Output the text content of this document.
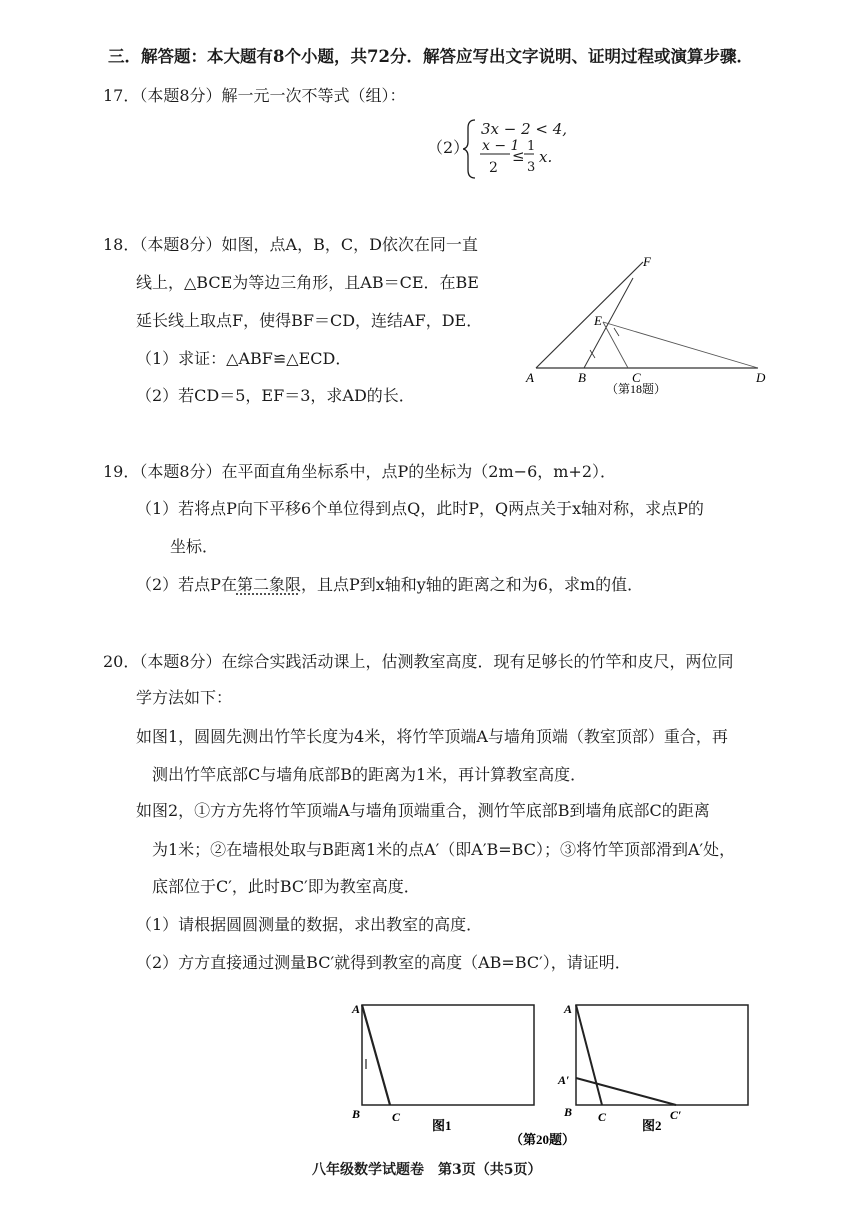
三．解答题：本大题有8个小题，共72分．解答应写出文字说明、证明过程或演算步骤．
17．（本题8分）解一元一次不等式（组）：
（2）
3x − 2 < 4,
x − 1
2
≤
1
3
x.
18．（本题8分）如图，点A，B，C，D依次在同一直
线上，△BCE为等边三角形，且AB＝CE．在BE
延长线上取点F，使得BF＝CD，连结AF，DE．
（1）求证：△ABF≌△ECD．
（2）若CD＝5，EF＝3，求AD的长．
F
E
A	B	C	D
（第18题）
19．（本题8分）在平面直角坐标系中，点P的坐标为（2m−6，m+2）．
（1）若将点P向下平移6个单位得到点Q，此时P，Q两点关于x轴对称，求点P的
坐标．
（2）若点P在第二象限，且点P到x轴和y轴的距离之和为6，求m的值．
20．（本题8分）在综合实践活动课上，估测教室高度．现有足够长的竹竿和皮尺，两位同
学方法如下：
如图1，圆圆先测出竹竿长度为4米，将竹竿顶端A与墙角顶端（教室顶部）重合，再
测出竹竿底部C与墙角底部B的距离为1米，再计算教室高度．
如图2，①方方先将竹竿顶端A与墙角顶端重合，测竹竿底部B到墙角底部C的距离
为1米；②在墙根处取与B距离1米的点A′（即A′B=BC）；③将竹竿顶部滑到A′处，
底部位于C′，此时BC′即为教室高度．
（1）请根据圆圆测量的数据，求出教室的高度．
（2）方方直接通过测量BC′就得到教室的高度（AB=BC′），请证明．
A
B	C
图1
A
A′
B C	C′
图2
（第20题）
八年级数学试题卷　第3页（共5页）
